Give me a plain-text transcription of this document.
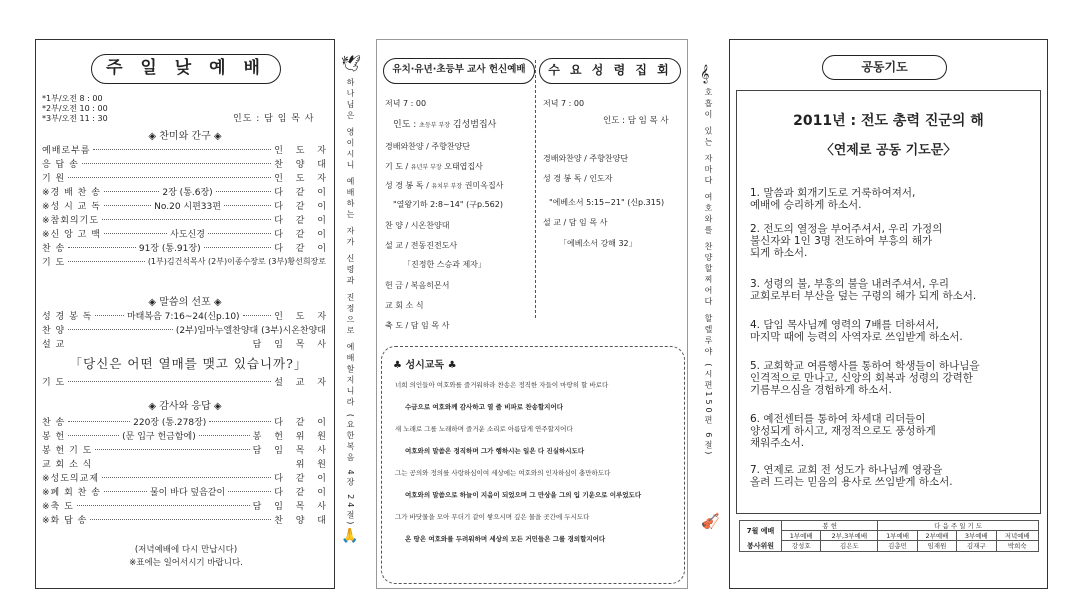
주 일 낮 예 배
*1부/오전 8 : 00
*2부/오전 10 : 00
*3부/오전 11 : 30	인도 : 담 임 목 사
◈ 찬미와 간구 ◈
예배로부름	인 도 자
응 답 송	찬 양 대
기 원	인 도 자
※경 배 찬 송	2장 (통.6장)	다 같 이
※성 시 교 독	No.20 시편33편	다 같 이
※참회의기도	다 같 이
※신 앙 고 백	사도신경	다 같 이
찬 송	91장 (통.91장)	다 같 이
기 도	(1부)김건석목사 (2부)이종수장로 (3부)황선희장로
◈ 말씀의 선포 ◈
성 경 봉 독	마태복음 7:16~24(신p.10)	인 도 자
찬 양	(2부)임마누엘찬양대 (3부)시온찬양대
설 교	담 임 목 사
「당신은 어떤 열매를 맺고 있습니까?」
기 도	설 교 자
◈ 감사와 응답 ◈
찬 송	220장 (통.278장)	다 같 이
봉 헌	(문 입구 헌금함에)	봉 헌 위 원
봉 헌 기 도	담 임 목 사
교 회 소 식	위 원
※성도의교제	다 같 이
※폐 회 찬 송	물이 바다 덮음같이	다 같 이
※축 도	담 임 목 사
※화 답 송	찬 양 대
(저녁예배에 다시 만납시다)
※표에는 일어서시기 바랍니다.
🕊
하나님은 영이시니 예배하는 자가 신령과 진정으로 예배할지니라 (요한복음 4장 24절)
🙏
유치·유년·초등부 교사 헌신예배	수 요 성 령 집 회
저녁 7 : 00
인도 : 초등부 부장 김성범집사
경배와찬양 / 주향찬양단
기 도 / 유년부 부장 오태엽집사
성 경 봉 독 / 유치부 부장 권미옥집사
"열왕기하 2:8~14" (구p.562)
찬 양 / 시온찬양대
설 교 / 전동진전도사
「진정한 스승과 제자」
헌 금 / 복음히몬서
교 회 소 식
축 도 / 담 임 목 사
저녁 7 : 00
인도 : 담 임 목 사
경배와찬양 / 주향찬양단
성 경 봉 독 / 인도자
"에베소서 5:15~21" (신p.315)
설 교 / 담 임 목 사
「에베소서 강해 32」
♣ 성시교독 ♣
너희 의인들아 여호와를 즐거워하라 찬송은 정직한 자들이 마땅히 할 바로다
수금으로 여호와께 감사하고 열 줄 비파로 찬송할지어다
새 노래로 그를 노래하며 즐거운 소리로 아름답게 연주할지어다
여호와의 말씀은 정직하며 그가 행하시는 일은 다 진실하시도다
그는 공의와 정의를 사랑하심이여 세상에는 여호와의 인자하심이 충만하도다
여호와의 말씀으로 하늘이 지음이 되었으며 그 만상을 그의 입 기운으로 이루었도다
그가 바닷물을 모아 무더기 같이 쌓으시며 깊은 물을 곳간에 두시도다
온 땅은 여호와를 두려워하며 세상의 모든 거민들은 그를 경외할지어다
𝄞
호흡이 있는 자마다 여호와를 찬양할찌어다 할렐루야 (시편150편 6절)
🎻
공동기도
2011년 : 전도 총력 진군의 해
〈연제로 공동 기도문〉
1. 말씀과 회개기도로 거룩하여져서,
예배에 승리하게 하소서.
2. 전도의 열정을 부어주셔서, 우리 가정의
불신자와 1인 3명 전도하여 부흥의 해가
되게 하소서.
3. 성령의 불, 부흥의 불을 내려주셔서, 우리
교회로부터 부산을 덮는 구령의 해가 되게 하소서.
4. 담임 목사님께 영력의 7배를 더하셔서,
마지막 때에 능력의 사역자로 쓰임받게 하소서.
5. 교회학교 여름행사를 통하여 학생들이 하나님을
인격적으로 만나고, 신앙의 회복과 성령의 강력한
기름부으심을 경험하게 하소서.
6. 예전센터를 통하여 차세대 리더들이
양성되게 하시고, 재정적으로도 풍성하게
채워주소서.
7. 연제로 교회 전 성도가 하나님께 영광을
올려 드리는 믿음의 용사로 쓰임받게 하소서.
7월 예배	봉 헌		다 음 주 일 기 도			
	1부예배	2부,3부예배	1부예배	2부예배	3부예배	저녁예배
봉사위원	강성호	김은도	김총민	임재원	김재구	박희숙
